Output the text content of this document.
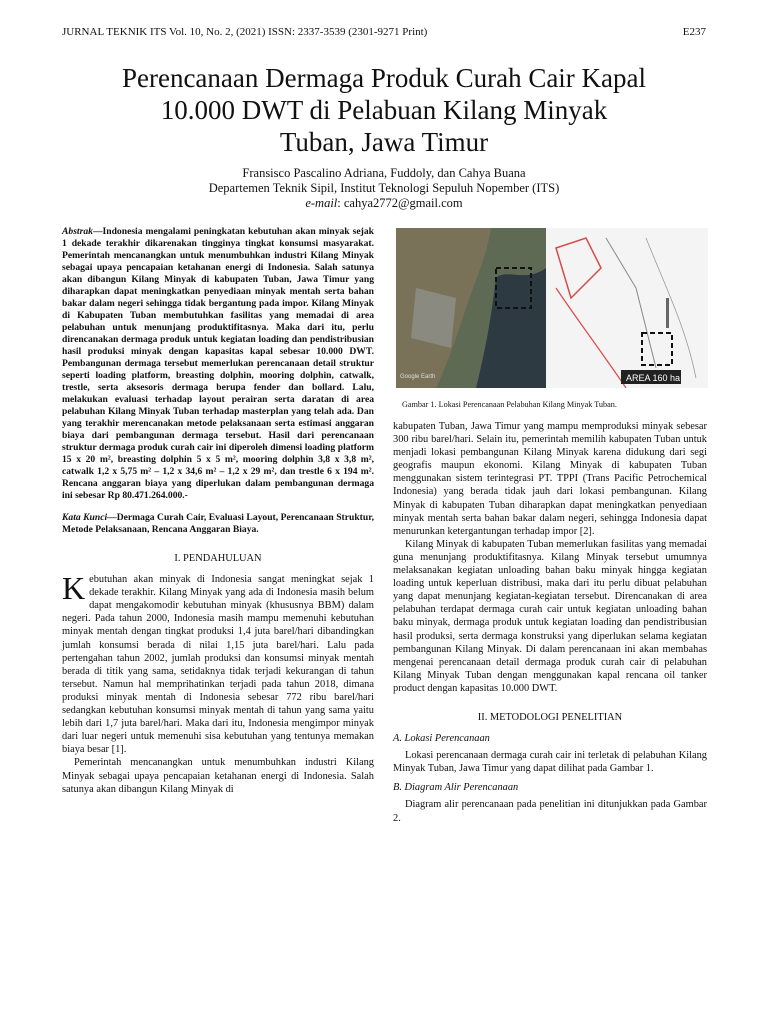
JURNAL TEKNIK ITS Vol. 10, No. 2, (2021) ISSN: 2337-3539 (2301-9271 Print)	E237
Perencanaan Dermaga Produk Curah Cair Kapal
10.000 DWT di Pelabuan Kilang Minyak
Tuban, Jawa Timur
Fransisco Pascalino Adriana, Fuddoly, dan Cahya Buana
Departemen Teknik Sipil, Institut Teknologi Sepuluh Nopember (ITS)
e-mail: cahya2772@gmail.com

Abstrak—Indonesia mengalami peningkatan kebutuhan akan minyak sejak 1 dekade terakhir dikarenakan tingginya tingkat konsumsi masyarakat. Pemerintah mencanangkan untuk menumbuhkan industri Kilang Minyak sebagai upaya pencapaian ketahanan energi di Indonesia. Salah satunya akan dibangun Kilang Minyak di kabupaten Tuban, Jawa Timur yang diharapkan dapat meningkatkan penyediaan minyak mentah serta bahan bakar dalam negeri sehingga tidak bergantung pada impor. Kilang Minyak di Kabupaten Tuban membutuhkan fasilitas yang memadai di area pelabuhan untuk menunjang produktifitasnya. Maka dari itu, perlu direncanakan dermaga produk untuk kegiatan loading dan pendistribusian hasil produksi minyak dengan kapasitas kapal sebesar 10.000 DWT. Pembangunan dermaga tersebut memerlukan perencanaan detail struktur seperti loading platform, breasting dolphin, mooring dolphin, catwalk, trestle, serta aksesoris dermaga berupa fender dan bollard. Lalu, melakukan evaluasi terhadap layout perairan serta daratan di area pelabuhan Kilang Minyak Tuban terhadap masterplan yang telah ada. Dan yang terakhir merencanakan metode pelaksanaan serta estimasi anggaran biaya dari pembangunan dermaga tersebut. Hasil dari perencanaan struktur dermaga produk curah cair ini diperoleh dimensi loading platform 15 x 20 m², breasting dolphin 5 x 5 m², mooring dolphin 3,8 x 3,8 m², catwalk 1,2 x 5,75 m² – 1,2 x 34,6 m² – 1,2 x 29 m², dan trestle 6 x 194 m². Rencana anggaran biaya yang diperlukan dalam pembangunan dermaga ini sebesar Rp 80.471.264.000.-

Kata Kunci—Dermaga Curah Cair, Evaluasi Layout, Perencanaan Struktur, Metode Pelaksanaan, Rencana Anggaran Biaya.

I. PENDAHULUAN

Kebutuhan akan minyak di Indonesia sangat meningkat sejak 1 dekade terakhir. Kilang Minyak yang ada di Indonesia masih belum dapat mengakomodir kebutuhan minyak (khususnya BBM) dalam negeri. Pada tahun 2000, Indonesia masih mampu memenuhi kebutuhan minyak mentah dengan tingkat produksi 1,4 juta barel/hari dibandingkan jumlah konsumsi berada di nilai 1,15 juta barel/hari. Lalu pada pertengahan tahun 2002, jumlah produksi dan konsumsi minyak mentah berada di titik yang sama, setidaknya tidak terjadi kekurangan di tahun tersebut. Namun hal memprihatinkan terjadi pada tahun 2018, dimana produksi minyak mentah di Indonesia sebesar 772 ribu barel/hari sedangkan kebutuhan konsumsi minyak mentah di tahun yang sama yaitu lebih dari 1,7 juta barel/hari. Maka dari itu, Indonesia mengimpor minyak dari luar negeri untuk memenuhi sisa kebutuhan yang tentunya memakan biaya besar [1].

Pemerintah mencanangkan untuk menumbuhkan industri Kilang Minyak sebagai upaya pencapaian ketahanan energi di Indonesia. Salah satunya akan dibangun Kilang Minyak di

Google Earth	AREA 160 ha
Gambar 1. Lokasi Perencanaan Pelabuhan Kilang Minyak Tuban.

kabupaten Tuban, Jawa Timur yang mampu memproduksi minyak sebesar 300 ribu barel/hari. Selain itu, pemerintah memilih kabupaten Tuban untuk menjadi lokasi pembangunan Kilang Minyak karena didukung dari segi geografis maupun ekonomi. Kilang Minyak di kabupaten Tuban menggunakan sistem terintegrasi PT. TPPI (Trans Pacific Petrochemical Indonesia) yang berada tidak jauh dari lokasi pembangunan. Kilang Minyak di kabupaten Tuban diharapkan dapat meningkatkan penyediaan minyak mentah serta bahan bakar dalam negeri, sehingga Indonesia dapat menurunkan ketergantungan terhadap impor [2].

Kilang Minyak di kabupaten Tuban memerlukan fasilitas yang memadai guna menunjang produktifitasnya. Kilang Minyak tersebut umumnya melaksanakan kegiatan unloading bahan baku minyak hingga kegiatan loading untuk keperluan distribusi, maka dari itu perlu dibuat pelabuhan yang dapat menunjang kegiatan-kegiatan tersebut. Direncanakan di area pelabuhan terdapat dermaga curah cair untuk kegiatan unloading bahan baku minyak, dermaga produk untuk kegiatan loading dan pendistribusian hasil produksi, serta dermaga konstruksi yang diperlukan selama kegiatan pembangunan Kilang Minyak. Di dalam perencanaan ini akan membahas mengenai perencanaan detail dermaga produk curah cair di pelabuhan Kilang Minyak Tuban dengan menggunakan kapal rencana oil tanker product dengan kapasitas 10.000 DWT.

II. METODOLOGI PENELITIAN
A. Lokasi Perencanaan

Lokasi perencanaan dermaga curah cair ini terletak di pelabuhan Kilang Minyak Tuban, Jawa Timur yang dapat dilihat pada Gambar 1.

B. Diagram Alir Perencanaan

Diagram alir perencanaan pada penelitian ini ditunjukkan pada Gambar 2.
